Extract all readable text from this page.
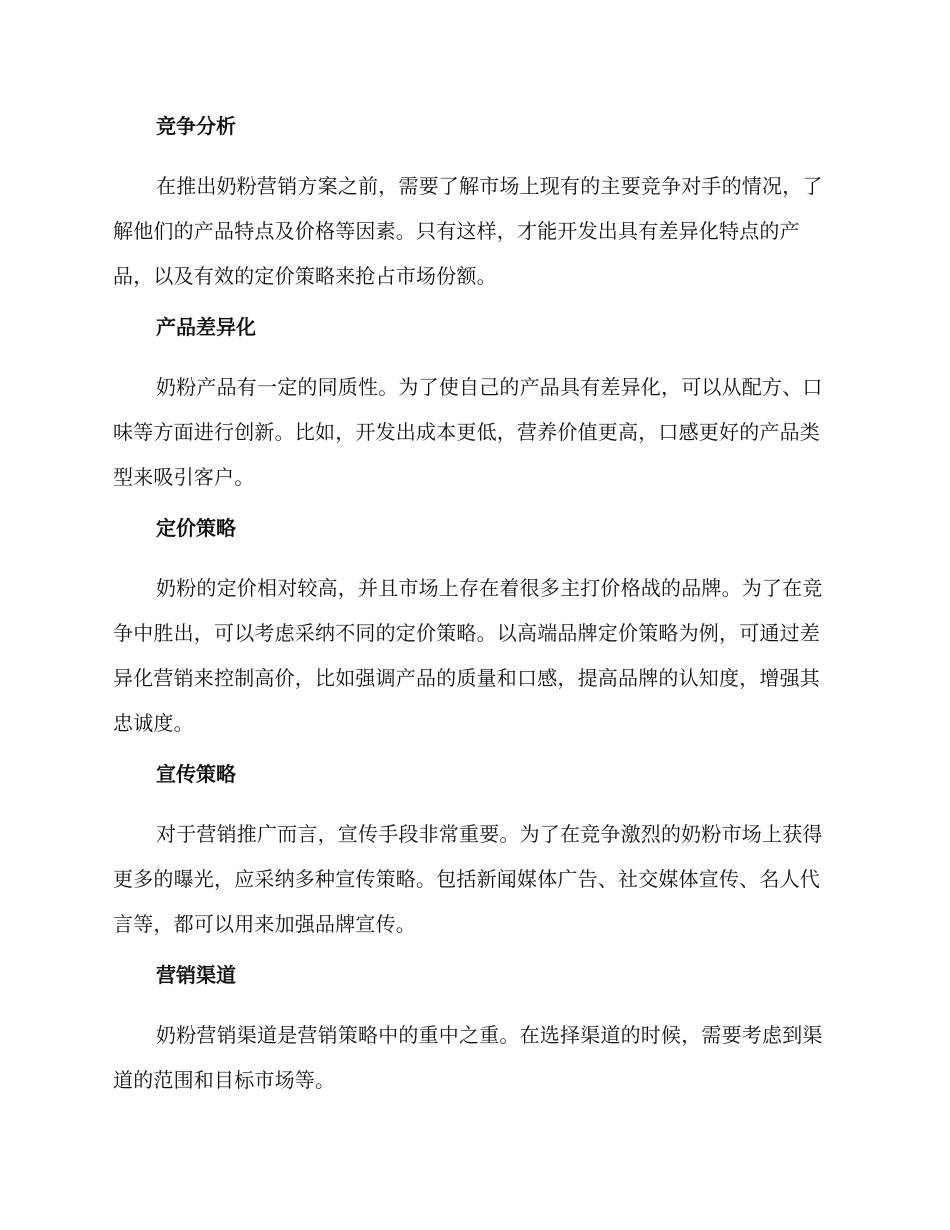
竞争分析

在推出奶粉营销方案之前，需要了解市场上现有的主要竞争对手的情况，了解他们的产品特点及价格等因素。只有这样，才能开发出具有差异化特点的产品，以及有效的定价策略来抢占市场份额。

产品差异化

奶粉产品有一定的同质性。为了使自己的产品具有差异化，可以从配方、口味等方面进行创新。比如，开发出成本更低，营养价值更高，口感更好的产品类型来吸引客户。

定价策略

奶粉的定价相对较高，并且市场上存在着很多主打价格战的品牌。为了在竞争中胜出，可以考虑采纳不同的定价策略。以高端品牌定价策略为例，可通过差异化营销来控制高价，比如强调产品的质量和口感，提高品牌的认知度，增强其忠诚度。

宣传策略

对于营销推广而言，宣传手段非常重要。为了在竞争激烈的奶粉市场上获得更多的曝光，应采纳多种宣传策略。包括新闻媒体广告、社交媒体宣传、名人代言等，都可以用来加强品牌宣传。

营销渠道

奶粉营销渠道是营销策略中的重中之重。在选择渠道的时候，需要考虑到渠道的范围和目标市场等。
